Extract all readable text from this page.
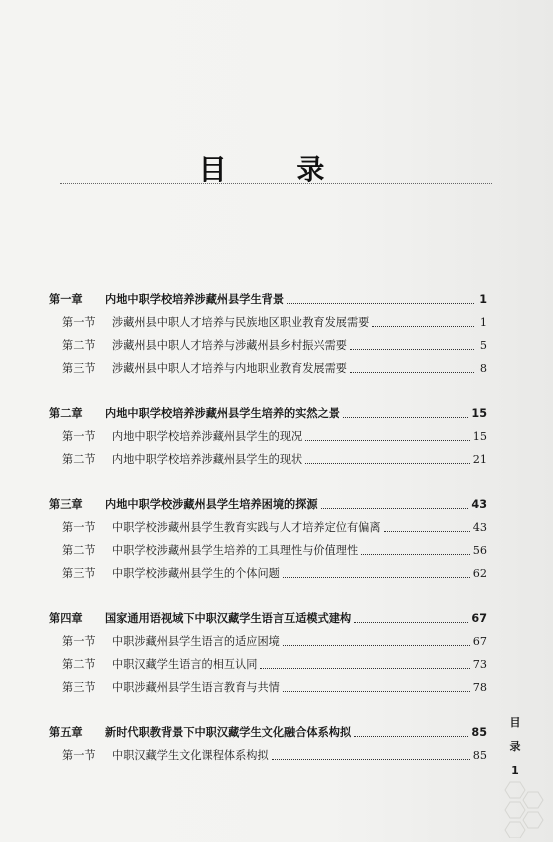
目 录
第一章	内地中职学校培养涉藏州县学生背景	1
第一节	涉藏州县中职人才培养与民族地区职业教育发展需要	1
第二节	涉藏州县中职人才培养与涉藏州县乡村振兴需要	5
第三节	涉藏州县中职人才培养与内地职业教育发展需要	8
第二章	内地中职学校培养涉藏州县学生培养的实然之景	15
第一节	内地中职学校培养涉藏州县学生的现况	15
第二节	内地中职学校培养涉藏州县学生的现状	21
第三章	内地中职学校涉藏州县学生培养困境的探源	43
第一节	中职学校涉藏州县学生教育实践与人才培养定位有偏离	43
第二节	中职学校涉藏州县学生培养的工具理性与价值理性	56
第三节	中职学校涉藏州县学生的个体问题	62
第四章	国家通用语视域下中职汉藏学生语言互适模式建构	67
第一节	中职涉藏州县学生语言的适应困境	67
第二节	中职汉藏学生语言的相互认同	73
第三节	中职涉藏州县学生语言教育与共情	78
第五章	新时代职教背景下中职汉藏学生文化融合体系构拟	85
第一节	中职汉藏学生文化课程体系构拟	85
目
录
1
